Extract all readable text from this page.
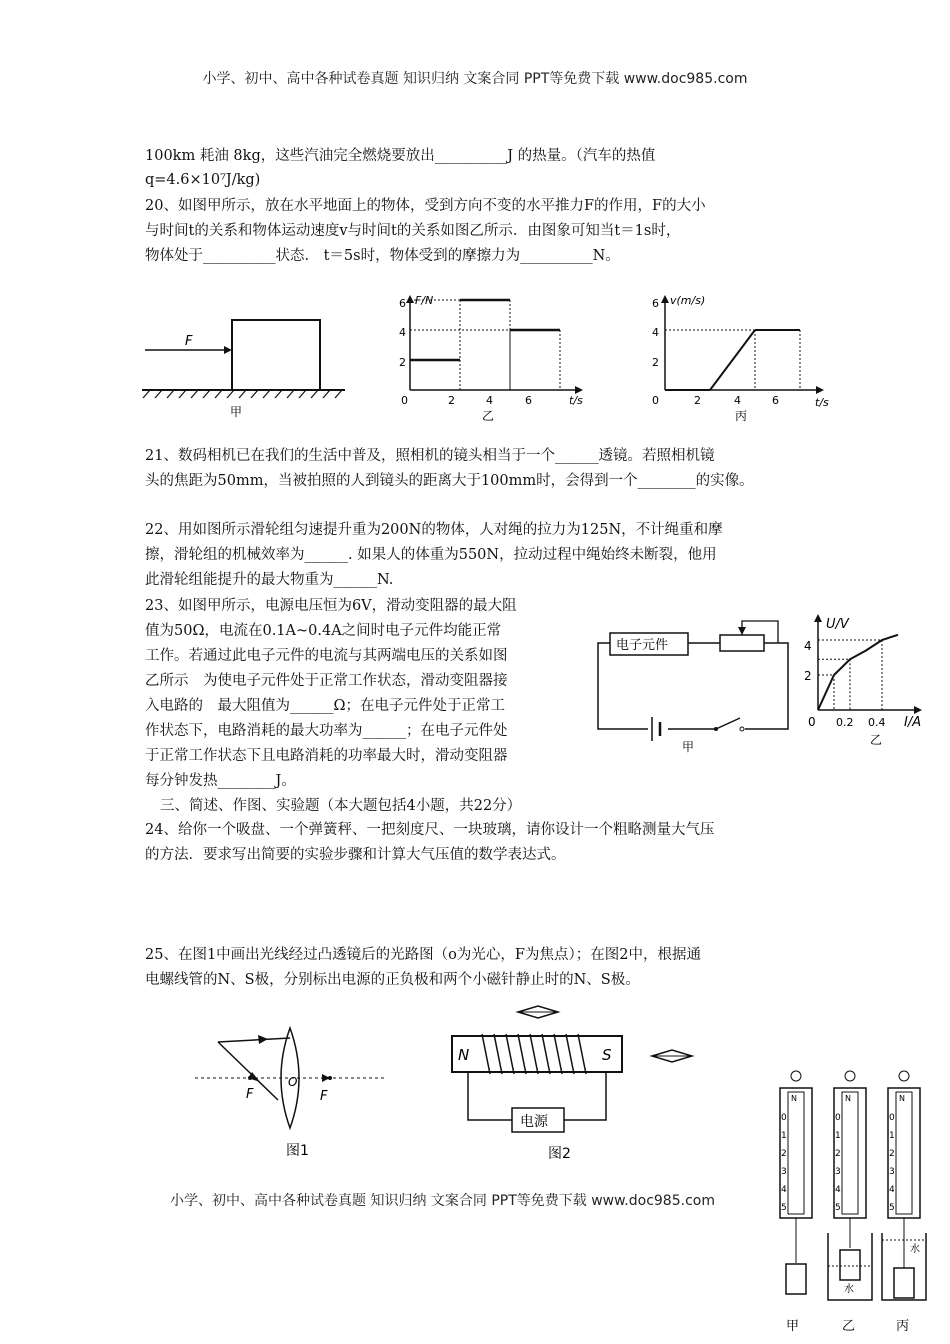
小学、初中、高中各种试卷真题 知识归纳 文案合同 PPT等免费下载 www.doc985.com
100km 耗油 8kg，这些汽油完全燃烧要放出__________J 的热量。（汽车的热值
q=4.6×10⁷J/kg)
20、如图甲所示，放在水平地面上的物体，受到方向不变的水平推力F的作用，F的大小
与时间t的关系和物体运动速度v与时间t的关系如图乙所示．由图象可知当t＝1s时，
物体处于__________状态.　t＝5s时，物体受到的摩擦力为__________N。
F
甲
F/N
t/s
2
4
6
0	2	4	6
乙
v(m/s)
t/s
2
4
6
0	2	4	6
丙
21、数码相机已在我们的生活中普及，照相机的镜头相当于一个______透镜。若照相机镜
头的焦距为50mm，当被拍照的人到镜头的距离大于100mm时，会得到一个________的实像。
22、用如图所示滑轮组匀速提升重为200N的物体，人对绳的拉力为125N，不计绳重和摩
擦，滑轮组的机械效率为______. 如果人的体重为550N，拉动过程中绳始终未断裂，他用
此滑轮组能提升的最大物重为______N.
23、如图甲所示，电源电压恒为6V，滑动变阻器的最大阻
值为50Ω，电流在0.1A~0.4A之间时电子元件均能正常
工作。若通过此电子元件的电流与其两端电压的关系如图
乙所示　为使电子元件处于正常工作状态，滑动变阻器接
入电路的　最大阻值为______Ω；在电子元件处于正常工
作状态下，电路消耗的最大功率为______；在电子元件处
于正常工作状态下且电路消耗的功率最大时，滑动变阻器
每分钟发热________J。
电子元件
甲
U/V
I/A
2
4
0 0.2 0.4
乙
三、简述、作图、实验题（本大题包括4小题，共22分）
24、给你一个吸盘、一个弹簧秤、一把刻度尺、一块玻璃，请你设计一个粗略测量大气压
的方法．要求写出简要的实验步骤和计算大气压值的数学表达式。
25、在图1中画出光线经过凸透镜后的光路图（o为光心，F为焦点）；在图2中，根据通
电螺线管的N、S极，分别标出电源的正负极和两个小磁针静止时的N、S极。
F
O
F
图1
N	S
电源
图2
小学、初中、高中各种试卷真题 知识归纳 文案合同 PPT等免费下载 www.doc985.com
N
0
1
2
3
4
5
甲
N
0
1
2
3
4
5
水
乙
N
0
1
2
3
4
5
水
丙
